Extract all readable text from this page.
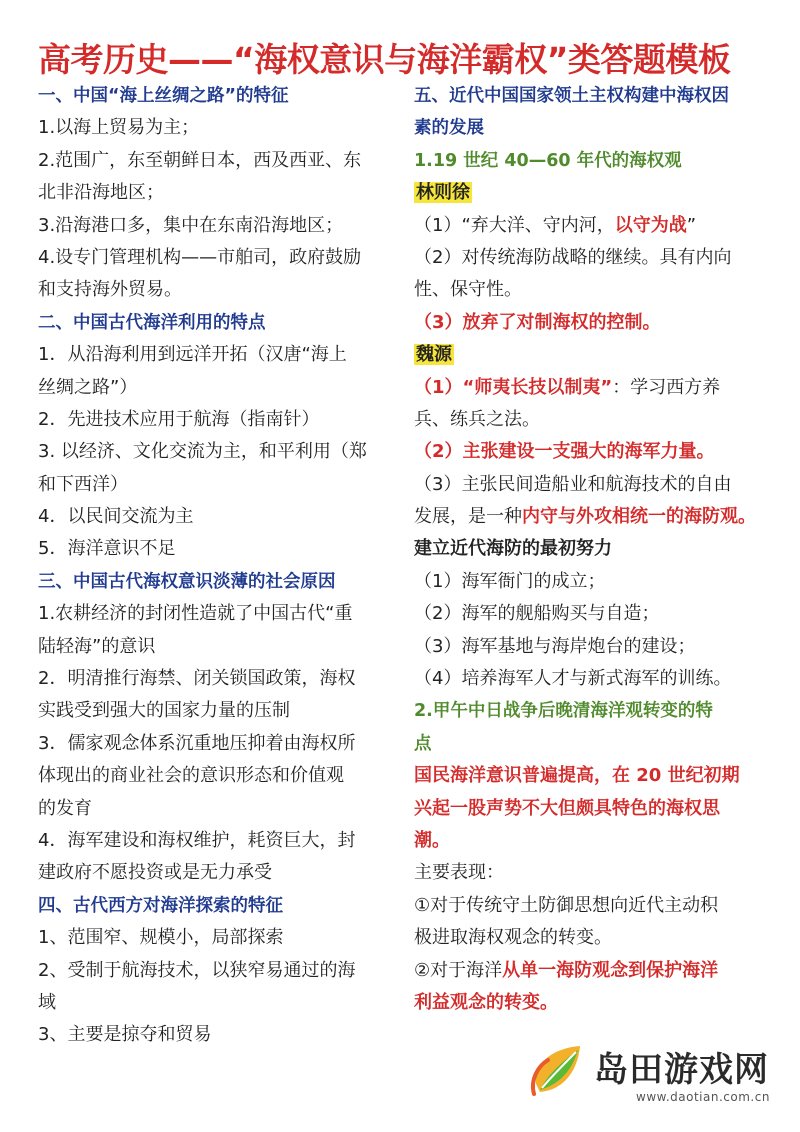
高考历史——“海权意识与海洋霸权”类答题模板
一、中国“海上丝绸之路”的特征
1.以海上贸易为主；
2.范围广，东至朝鲜日本，西及西亚、东
北非沿海地区；
3.沿海港口多，集中在东南沿海地区；
4.设专门管理机构——市舶司，政府鼓励
和支持海外贸易。
二、中国古代海洋利用的特点
1．从沿海利用到远洋开拓（汉唐“海上
丝绸之路”）
2．先进技术应用于航海（指南针）
3. 以经济、文化交流为主，和平利用（郑
和下西洋）
4．以民间交流为主
5．海洋意识不足
三、中国古代海权意识淡薄的社会原因
1.农耕经济的封闭性造就了中国古代“重
陆轻海”的意识
2．明清推行海禁、闭关锁国政策，海权
实践受到强大的国家力量的压制
3．儒家观念体系沉重地压抑着由海权所
体现出的商业社会的意识形态和价值观
的发育
4．海军建设和海权维护，耗资巨大，封
建政府不愿投资或是无力承受
四、古代西方对海洋探索的特征
1、范围窄、规模小，局部探索
2、受制于航海技术，以狭窄易通过的海
域
3、主要是掠夺和贸易
五、近代中国国家领土主权构建中海权因
素的发展
1.19 世纪 40—60 年代的海权观
林则徐
（1）“弃大洋、守内河，以守为战”
（2）对传统海防战略的继续。具有内向
性、保守性。
（3）放弃了对制海权的控制。
魏源
（1）“师夷长技以制夷”：学习西方养
兵、练兵之法。
（2）主张建设一支强大的海军力量。
（3）主张民间造船业和航海技术的自由
发展，是一种内守与外攻相统一的海防观。
建立近代海防的最初努力
（1）海军衙门的成立；
（2）海军的舰船购买与自造；
（3）海军基地与海岸炮台的建设；
（4）培养海军人才与新式海军的训练。
2.甲午中日战争后晚清海洋观转变的特
点
国民海洋意识普遍提高，在 20 世纪初期
兴起一股声势不大但颇具特色的海权思
潮。
主要表现：
①对于传统守土防御思想向近代主动积
极进取海权观念的转变。
②对于海洋从单一海防观念到保护海洋
利益观念的转变。
岛田游戏网
www.daotian.com.cn
